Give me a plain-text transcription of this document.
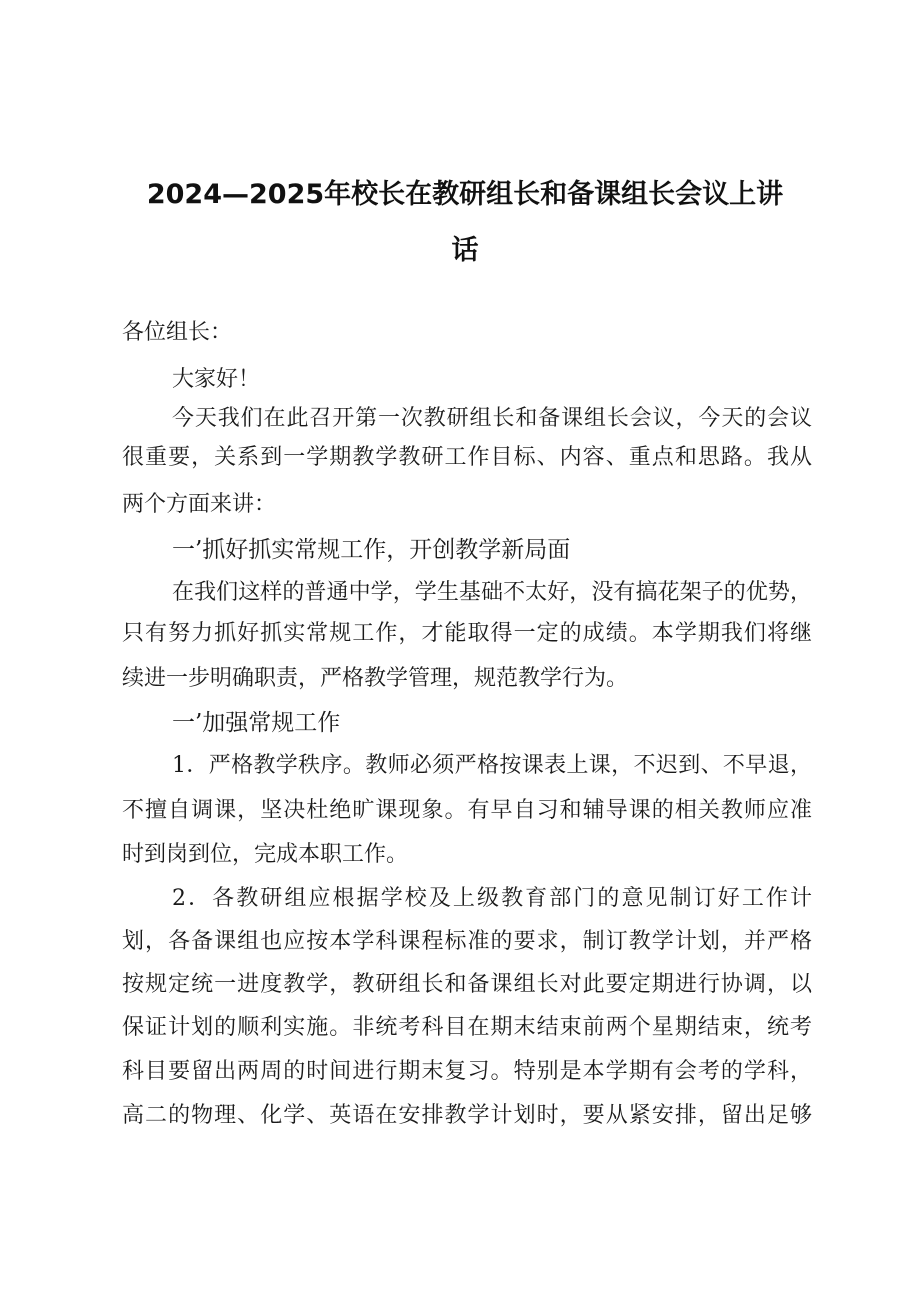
2024—2025年校长在教研组长和备课组长会议上讲
话
各位组长：
大家好！
今天我们在此召开第一次教研组长和备课组长会议，今天的会议
很重要，关系到一学期教学教研工作目标、内容、重点和思路。我从
两个方面来讲：
一’抓好抓实常规工作，开创教学新局面
在我们这样的普通中学，学生基础不太好，没有搞花架子的优势，
只有努力抓好抓实常规工作，才能取得一定的成绩。本学期我们将继
续进一步明确职责，严格教学管理，规范教学行为。
一’加强常规工作
1．严格教学秩序。教师必须严格按课表上课，不迟到、不早退，
不擅自调课，坚决杜绝旷课现象。有早自习和辅导课的相关教师应准
时到岗到位，完成本职工作。
2．各教研组应根据学校及上级教育部门的意见制订好工作计
划，各备课组也应按本学科课程标准的要求，制订教学计划，并严格
按规定统一进度教学，教研组长和备课组长对此要定期进行协调，以
保证计划的顺利实施。非统考科目在期末结束前两个星期结束，统考
科目要留出两周的时间进行期末复习。特别是本学期有会考的学科，
高二的物理、化学、英语在安排教学计划时，要从紧安排，留出足够
